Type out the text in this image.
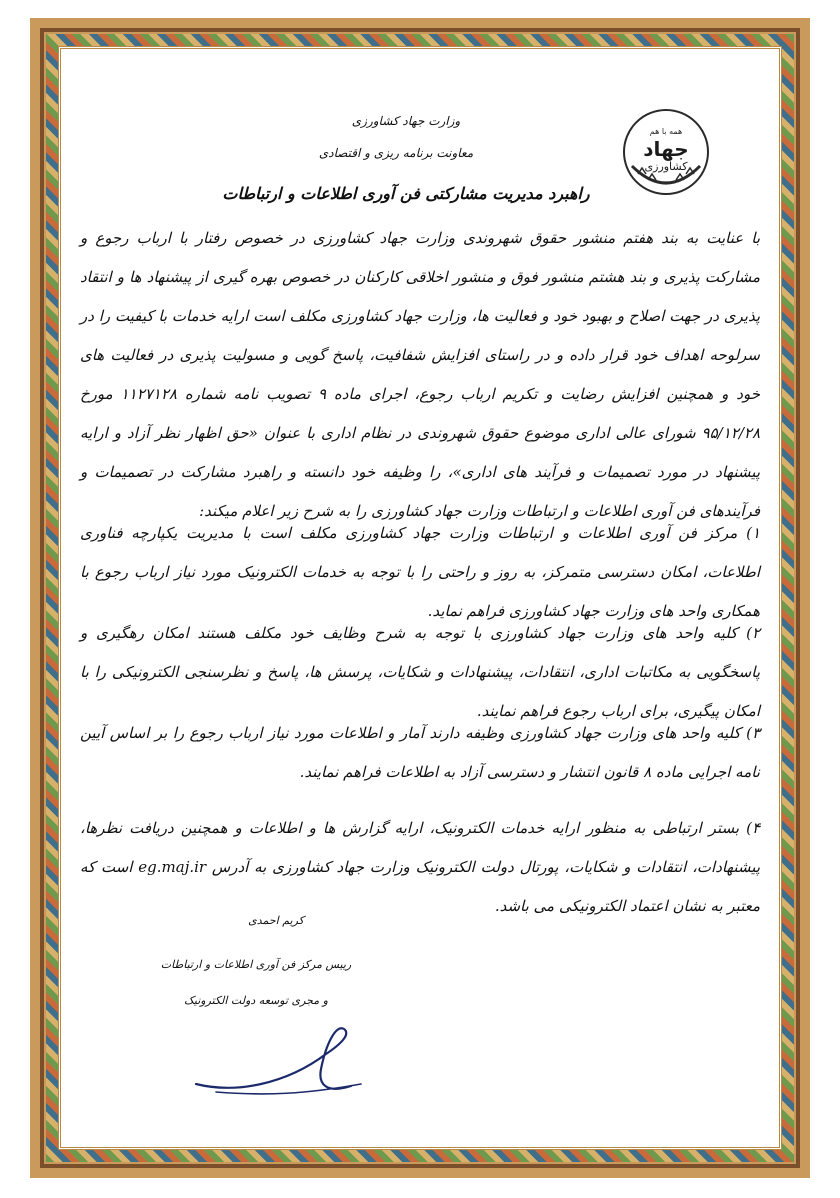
وزارت جهاد کشاورزی
معاونت برنامه ریزی و اقتصادی
همه با هم
جهاد
کشاورزی
راهبرد مدیریت مشارکتی فن آوری اطلاعات و ارتباطات
با عنایت به بند هفتم منشور حقوق شهروندی وزارت جهاد کشاورزی در خصوص رفتار با ارباب رجوع و مشارکت پذیری و بند هشتم منشور فوق و منشور اخلاقی کارکنان در خصوص بهره گیری از پیشنهاد ها و انتقاد پذیری در جهت اصلاح و بهبود خود و فعالیت ها، وزارت جهاد کشاورزی مکلف است ارایه خدمات با کیفیت را در سرلوحه اهداف خود قرار داده و در راستای افزایش شفافیت، پاسخ گویی و مسولیت پذیری در فعالیت های خود و همچنین افزایش رضایت و تکریم ارباب رجوع، اجرای ماده ۹ تصویب نامه شماره ۱۱۲۷۱۲۸ مورخ ۹۵/۱۲/۲۸ شورای عالی اداری موضوع حقوق شهروندی در نظام اداری با عنوان «حق اظهار نظر آزاد و ارایه پیشنهاد در مورد تصمیمات و فرآیند های اداری»، را وظیفه خود دانسته و راهبرد مشارکت در تصمیمات و فرآیندهای فن آوری اطلاعات و ارتباطات وزارت جهاد کشاورزی را به شرح زیر اعلام میکند:
۱) مرکز فن آوری اطلاعات و ارتباطات وزارت جهاد کشاورزی مکلف است با مدیریت یکپارچه فناوری اطلاعات، امکان دسترسی متمرکز، به روز و راحتی را با توجه به خدمات الکترونیک مورد نیاز ارباب رجوع با همکاری واحد های وزارت جهاد کشاورزی فراهم نماید.
۲) کلیه واحد های وزارت جهاد کشاورزی با توجه به شرح وظایف خود مکلف هستند امکان رهگیری و پاسخگویی به مکاتبات اداری، انتقادات، پیشنهادات و شکایات، پرسش ها، پاسخ و نظرسنجی الکترونیکی را با امکان پیگیری، برای ارباب رجوع فراهم نمایند.
۳) کلیه واحد های وزارت جهاد کشاورزی وظیفه دارند آمار و اطلاعات مورد نیاز ارباب رجوع را بر اساس آیین نامه اجرایی ماده ۸ قانون انتشار و دسترسی آزاد به اطلاعات فراهم نمایند.
۴) بستر ارتباطی به منظور ارایه خدمات الکترونیک، ارایه گزارش ها و اطلاعات و همچنین دریافت نظرها، پیشنهادات، انتقادات و شکایات، پورتال دولت الکترونیک وزارت جهاد کشاورزی به آدرس eg.maj.ir است که معتبر به نشان اعتماد الکترونیکی می باشد.
کریم احمدی
رییس مرکز فن آوری اطلاعات و ارتباطات
و مجری توسعه دولت الکترونیک
